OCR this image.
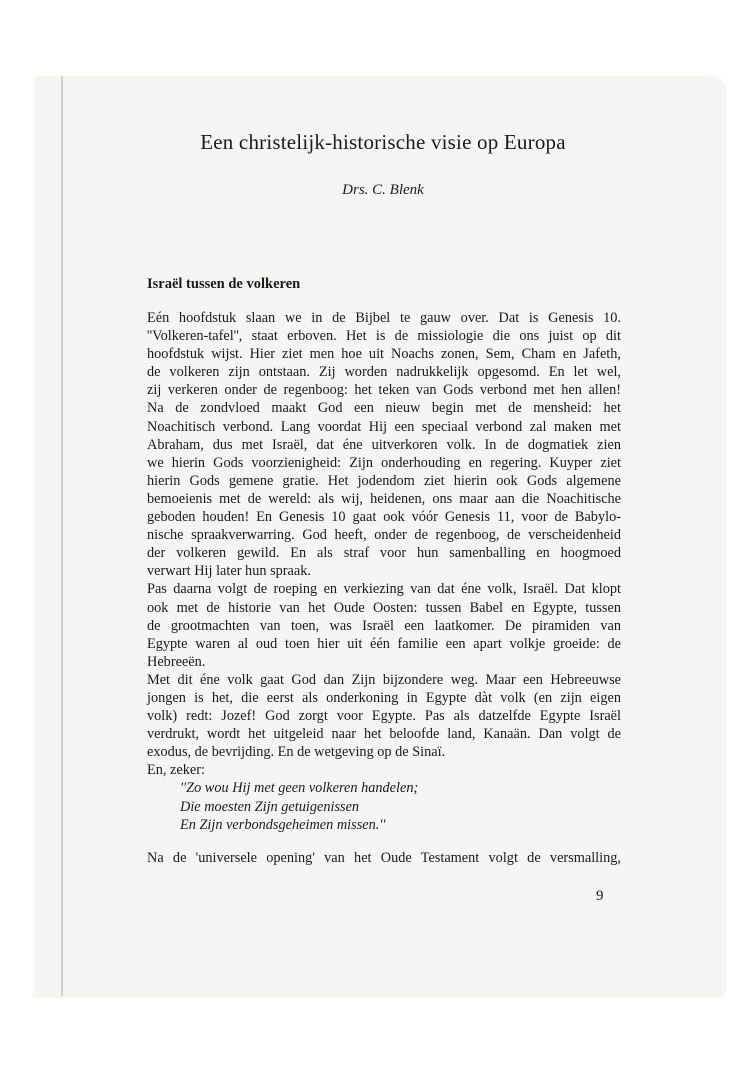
Een christelijk-historische visie op Europa

Drs. C. Blenk

Israël tussen de volkeren
Eén hoofdstuk slaan we in de Bijbel te gauw over. Dat is Genesis 10.
''Volkeren-tafel'', staat erboven. Het is de missiologie die ons juist op dit
hoofdstuk wijst. Hier ziet men hoe uit Noachs zonen, Sem, Cham en Jafeth,
de volkeren zijn ontstaan. Zij worden nadrukkelijk opgesomd. En let wel,
zij verkeren onder de regenboog: het teken van Gods verbond met hen allen!
Na de zondvloed maakt God een nieuw begin met de mensheid: het
Noachitisch verbond. Lang voordat Hij een speciaal verbond zal maken met
Abraham, dus met Israël, dat éne uitverkoren volk. In de dogmatiek zien
we hierin Gods voorzienigheid: Zijn onderhouding en regering. Kuyper ziet
hierin Gods gemene gratie. Het jodendom ziet hierin ook Gods algemene
bemoeienis met de wereld: als wij, heidenen, ons maar aan die Noachitische
geboden houden! En Genesis 10 gaat ook vóór Genesis 11, voor de Babylo-
nische spraakverwarring. God heeft, onder de regenboog, de verscheidenheid
der volkeren gewild. En als straf voor hun samenballing en hoogmoed
verwart Hij later hun spraak.
Pas daarna volgt de roeping en verkiezing van dat éne volk, Israël. Dat klopt
ook met de historie van het Oude Oosten: tussen Babel en Egypte, tussen
de grootmachten van toen, was Israël een laatkomer. De piramiden van
Egypte waren al oud toen hier uit één familie een apart volkje groeide: de
Hebreeën.
Met dit éne volk gaat God dan Zijn bijzondere weg. Maar een Hebreeuwse
jongen is het, die eerst als onderkoning in Egypte dàt volk (en zijn eigen
volk) redt: Jozef! God zorgt voor Egypte. Pas als datzelfde Egypte Israël
verdrukt, wordt het uitgeleid naar het beloofde land, Kanaän. Dan volgt de
exodus, de bevrijding. En de wetgeving op de Sinaï.
En, zeker:
''Zo wou Hij met geen volkeren handelen;
Die moesten Zijn getuigenissen
En Zijn verbondsgeheimen missen.''
Na de 'universele opening' van het Oude Testament volgt de versmalling,
9
